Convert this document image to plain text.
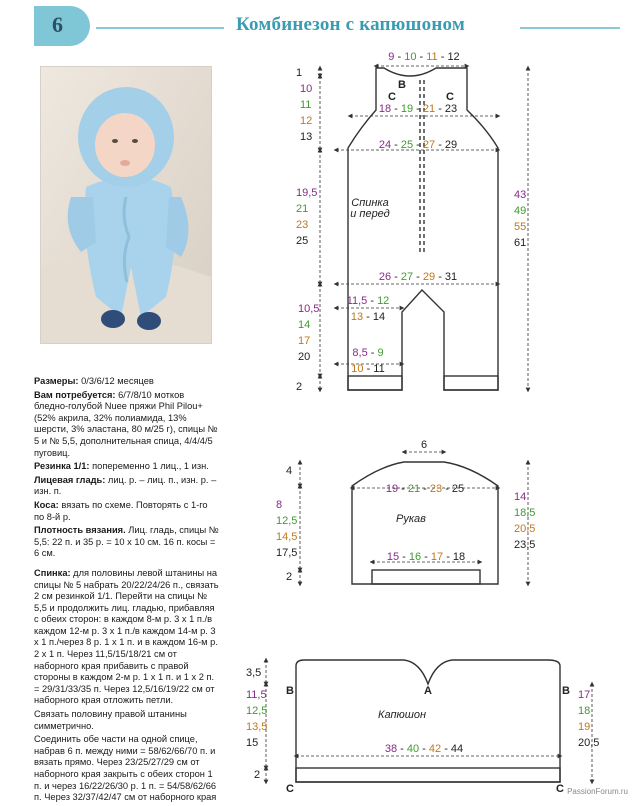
6	Комбинезон с капюшоном

Размеры: 0/3/6/12 месяцев

Вам потребуется: 6/7/8/10 мотков бледно-голубой Nuee пряжи Phil Pilou+ (52% акрила, 32% полиамида, 13% шерсти, 3% эластана, 80 м/25 г), спицы № 5 и № 5,5, дополнительная спица, 4/4/4/5 пуговиц.

Резинка 1/1: попеременно 1 лиц., 1 изн.

Лицевая гладь: лиц. р. – лиц. п., изн. р. – изн. п.

Коса: вязать по схеме. Повторять с 1-го по 8-й р.

Плотность вязания. Лиц. гладь, спицы № 5,5: 22 п. и 35 р. = 10 х 10 см. 16 п. косы = 6 см.

Спинка: для половины левой штанины на спицы № 5 набрать 20/22/24/26 п., связать 2 см резинкой 1/1. Перейти на спицы № 5,5 и продолжить лиц. гладью, прибавляя с обеих сторон: в каждом 8-м р. 3 х 1 п./в каждом 12-м р. 3 х 1 п./в каждом 14-м р. 3 х 1 п./через 8 р. 1 х 1 п. и в каждом 16-м р. 2 х 1 п. Через 11,5/15/18/21 см от наборного края прибавить с правой стороны в каждом 2-м р. 1 х 1 п. и 1 х 2 п. = 29/31/33/35 п. Через 12,5/16/19/22 см от наборного края отложить петли.

Связать половину правой штанины симметрично.

Соединить обе части на одной спице, набрав 6 п. между ними = 58/62/66/70 п. и вязать прямо. Через 23/25/27/29 см от наборного края закрыть с обеих сторон 1 п. и через 16/22/26/30 р. 1 п. = 54/58/62/66 п. Через 32/37/42/47 см от наборного края

9 - 10 - 11 - 12
B
C	C
18 - 19 - 21 - 23
24 - 25 - 27 - 29
Спинка
и перед
26 - 27 - 29 - 31
11,5 - 12
13 - 14
8,5 - 9
10 - 11
1
10
11
12
13
19,5
21
23
25
10,5
14
17
20
2
43
49
55
61
6
19 - 21 - 23 - 25
Рукав
15 - 16 - 17 - 18
4
8
12,5
14,5
17,5
2
14
18,5
20,5
23,5
3,5
11,5
12,5
13,5
15
2
B	A	B
C	C
Капюшон
38 - 40 - 42 - 44
17
18
19
20,5
PassionForum.ru
